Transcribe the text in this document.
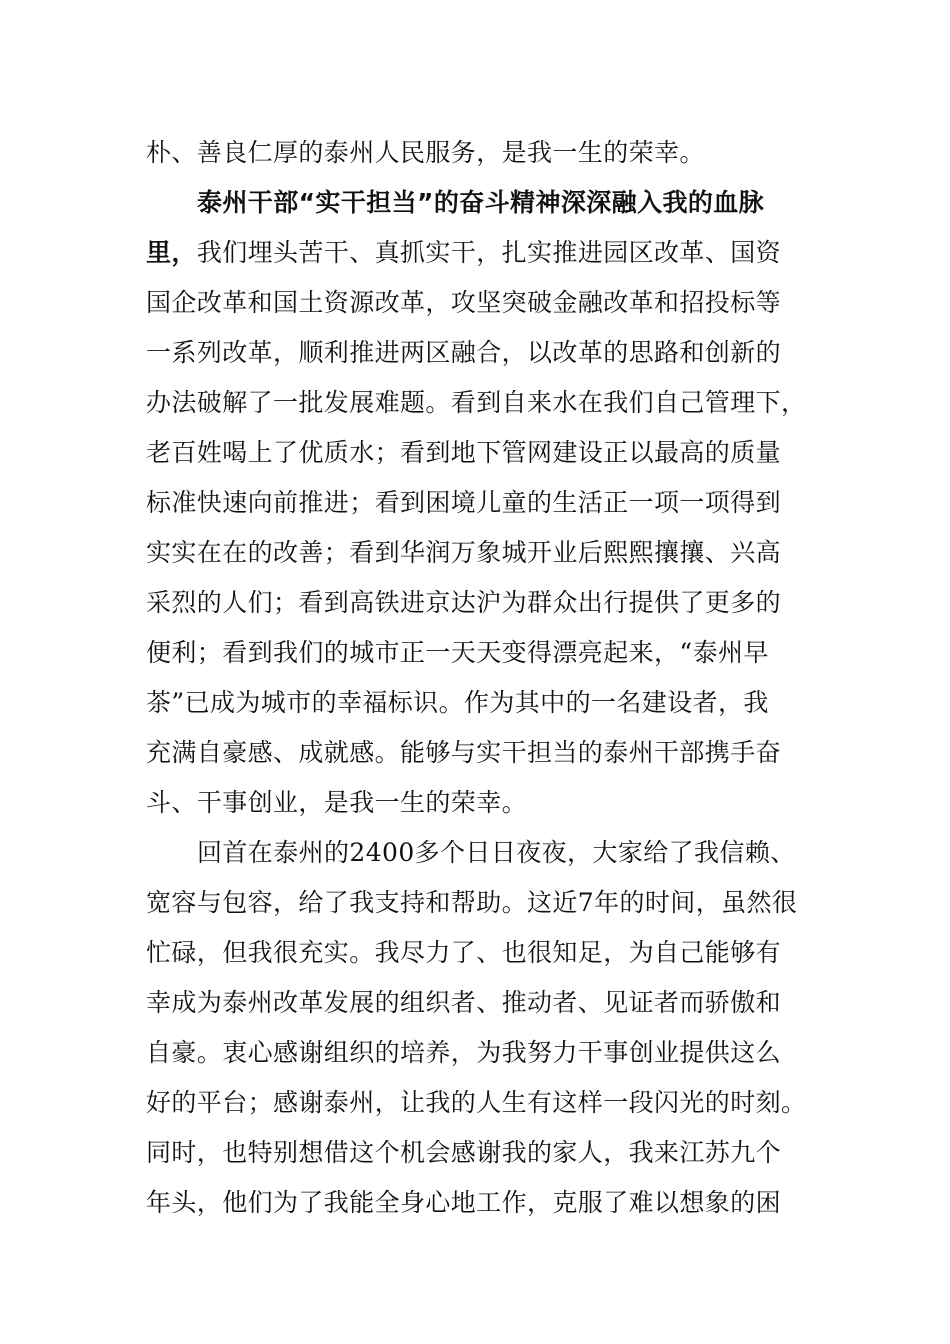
朴、善良仁厚的泰州人民服务，是我一生的荣幸。
泰州干部“实干担当”的奋斗精神深深融入我的血脉
里，我们埋头苦干、真抓实干，扎实推进园区改革、国资
国企改革和国土资源改革，攻坚突破金融改革和招投标等
一系列改革，顺利推进两区融合，以改革的思路和创新的
办法破解了一批发展难题。看到自来水在我们自己管理下，
老百姓喝上了优质水；看到地下管网建设正以最高的质量
标准快速向前推进；看到困境儿童的生活正一项一项得到
实实在在的改善；看到华润万象城开业后熙熙攘攘、兴高
采烈的人们；看到高铁进京达沪为群众出行提供了更多的
便利；看到我们的城市正一天天变得漂亮起来，“泰州早
茶”已成为城市的幸福标识。作为其中的一名建设者，我
充满自豪感、成就感。能够与实干担当的泰州干部携手奋
斗、干事创业，是我一生的荣幸。
回首在泰州的2400多个日日夜夜，大家给了我信赖、
宽容与包容，给了我支持和帮助。这近7年的时间，虽然很
忙碌，但我很充实。我尽力了、也很知足，为自己能够有
幸成为泰州改革发展的组织者、推动者、见证者而骄傲和
自豪。衷心感谢组织的培养，为我努力干事创业提供这么
好的平台；感谢泰州，让我的人生有这样一段闪光的时刻。
同时，也特别想借这个机会感谢我的家人，我来江苏九个
年头，他们为了我能全身心地工作，克服了难以想象的困
